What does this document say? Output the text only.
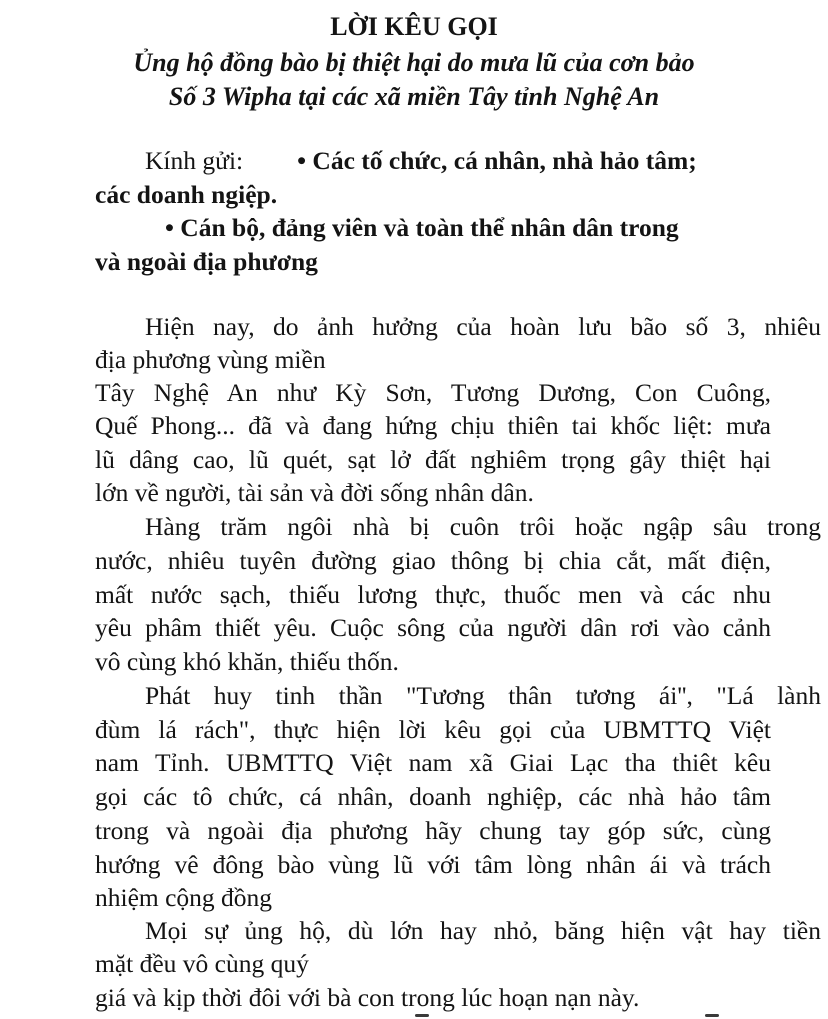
LỜI KÊU GỌI
Ủng hộ đồng bào bị thiệt hại do mưa lũ của cơn bảo
Số 3 Wipha tại các xã miền Tây tỉnh Nghệ An
Kính gửi: • Các tố chức, cá nhân, nhà hảo tâm;
các doanh ngiệp.
• Cán bộ, đảng viên và toàn thể nhân dân trong
và ngoài địa phương
Hiện nay, do ảnh hưởng của hoàn lưu bão số 3, nhiêu
địa phương vùng miền
Tây Nghệ An như Kỳ Sơn, Tương Dương, Con Cuông,
Quế Phong... đã và đang hứng chịu thiên tai khốc liệt: mưa
lũ dâng cao, lũ quét, sạt lở đất nghiêm trọng gây thiệt hại
lớn về người, tài sản và đời sống nhân dân.
Hàng trăm ngôi nhà bị cuôn trôi hoặc ngập sâu trong
nước, nhiêu tuyên đường giao thông bị chia cắt, mất điện,
mất nước sạch, thiếu lương thực, thuốc men và các nhu
yêu phâm thiết yêu. Cuộc sông của người dân rơi vào cảnh
vô cùng khó khăn, thiếu thốn.
Phát huy tinh thần "Tương thân tương ái'', "Lá lành
đùm lá rách", thực hiện lời kêu gọi của UBMTTQ Việt
nam Tỉnh. UBMTTQ Việt nam xã Giai Lạc tha thiêt kêu
gọi các tô chức, cá nhân, doanh nghiệp, các nhà hảo tâm
trong và ngoài địa phương hãy chung tay góp sức, cùng
hướng vê đông bào vùng lũ với tâm lòng nhân ái và trách
nhiệm cộng đồng
Mọi sự ủng hộ, dù lớn hay nhỏ, băng hiện vật hay tiền
mặt đều vô cùng quý
giá và kịp thời đôi với bà con trong lúc hoạn nạn này.
